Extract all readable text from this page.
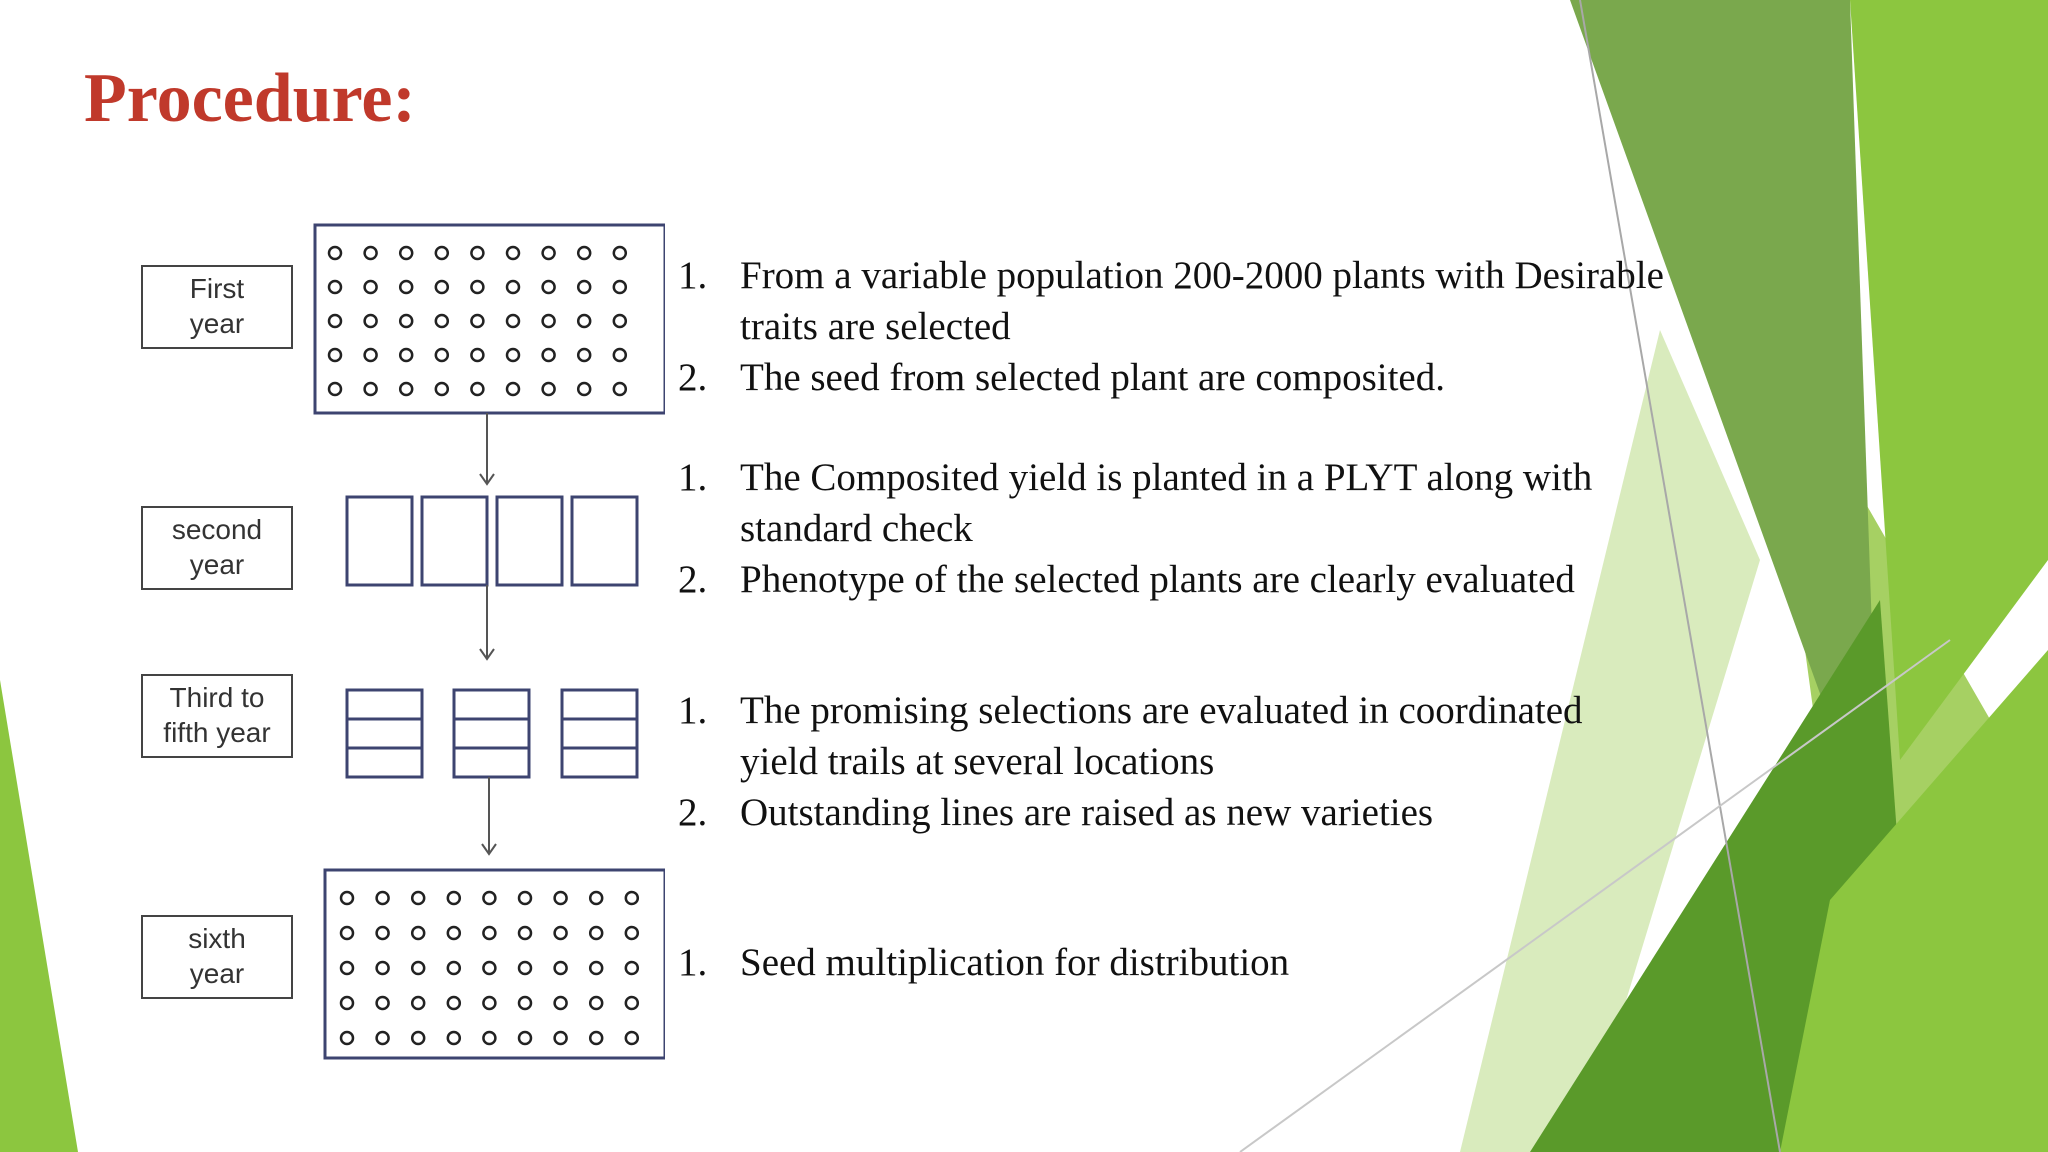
Procedure:
First
year
second
year
Third to
fifth year
sixth
year
1. From a variable population 200-2000 plants with Desirable
traits are selected
2. The seed from selected plant are composited.
1. The Composited yield is planted in a PLYT along with
standard check
2. Phenotype of the selected plants are clearly evaluated
1. The promising selections are evaluated in coordinated
yield trails at several locations
2. Outstanding lines are raised as new varieties
1. Seed multiplication for distribution
